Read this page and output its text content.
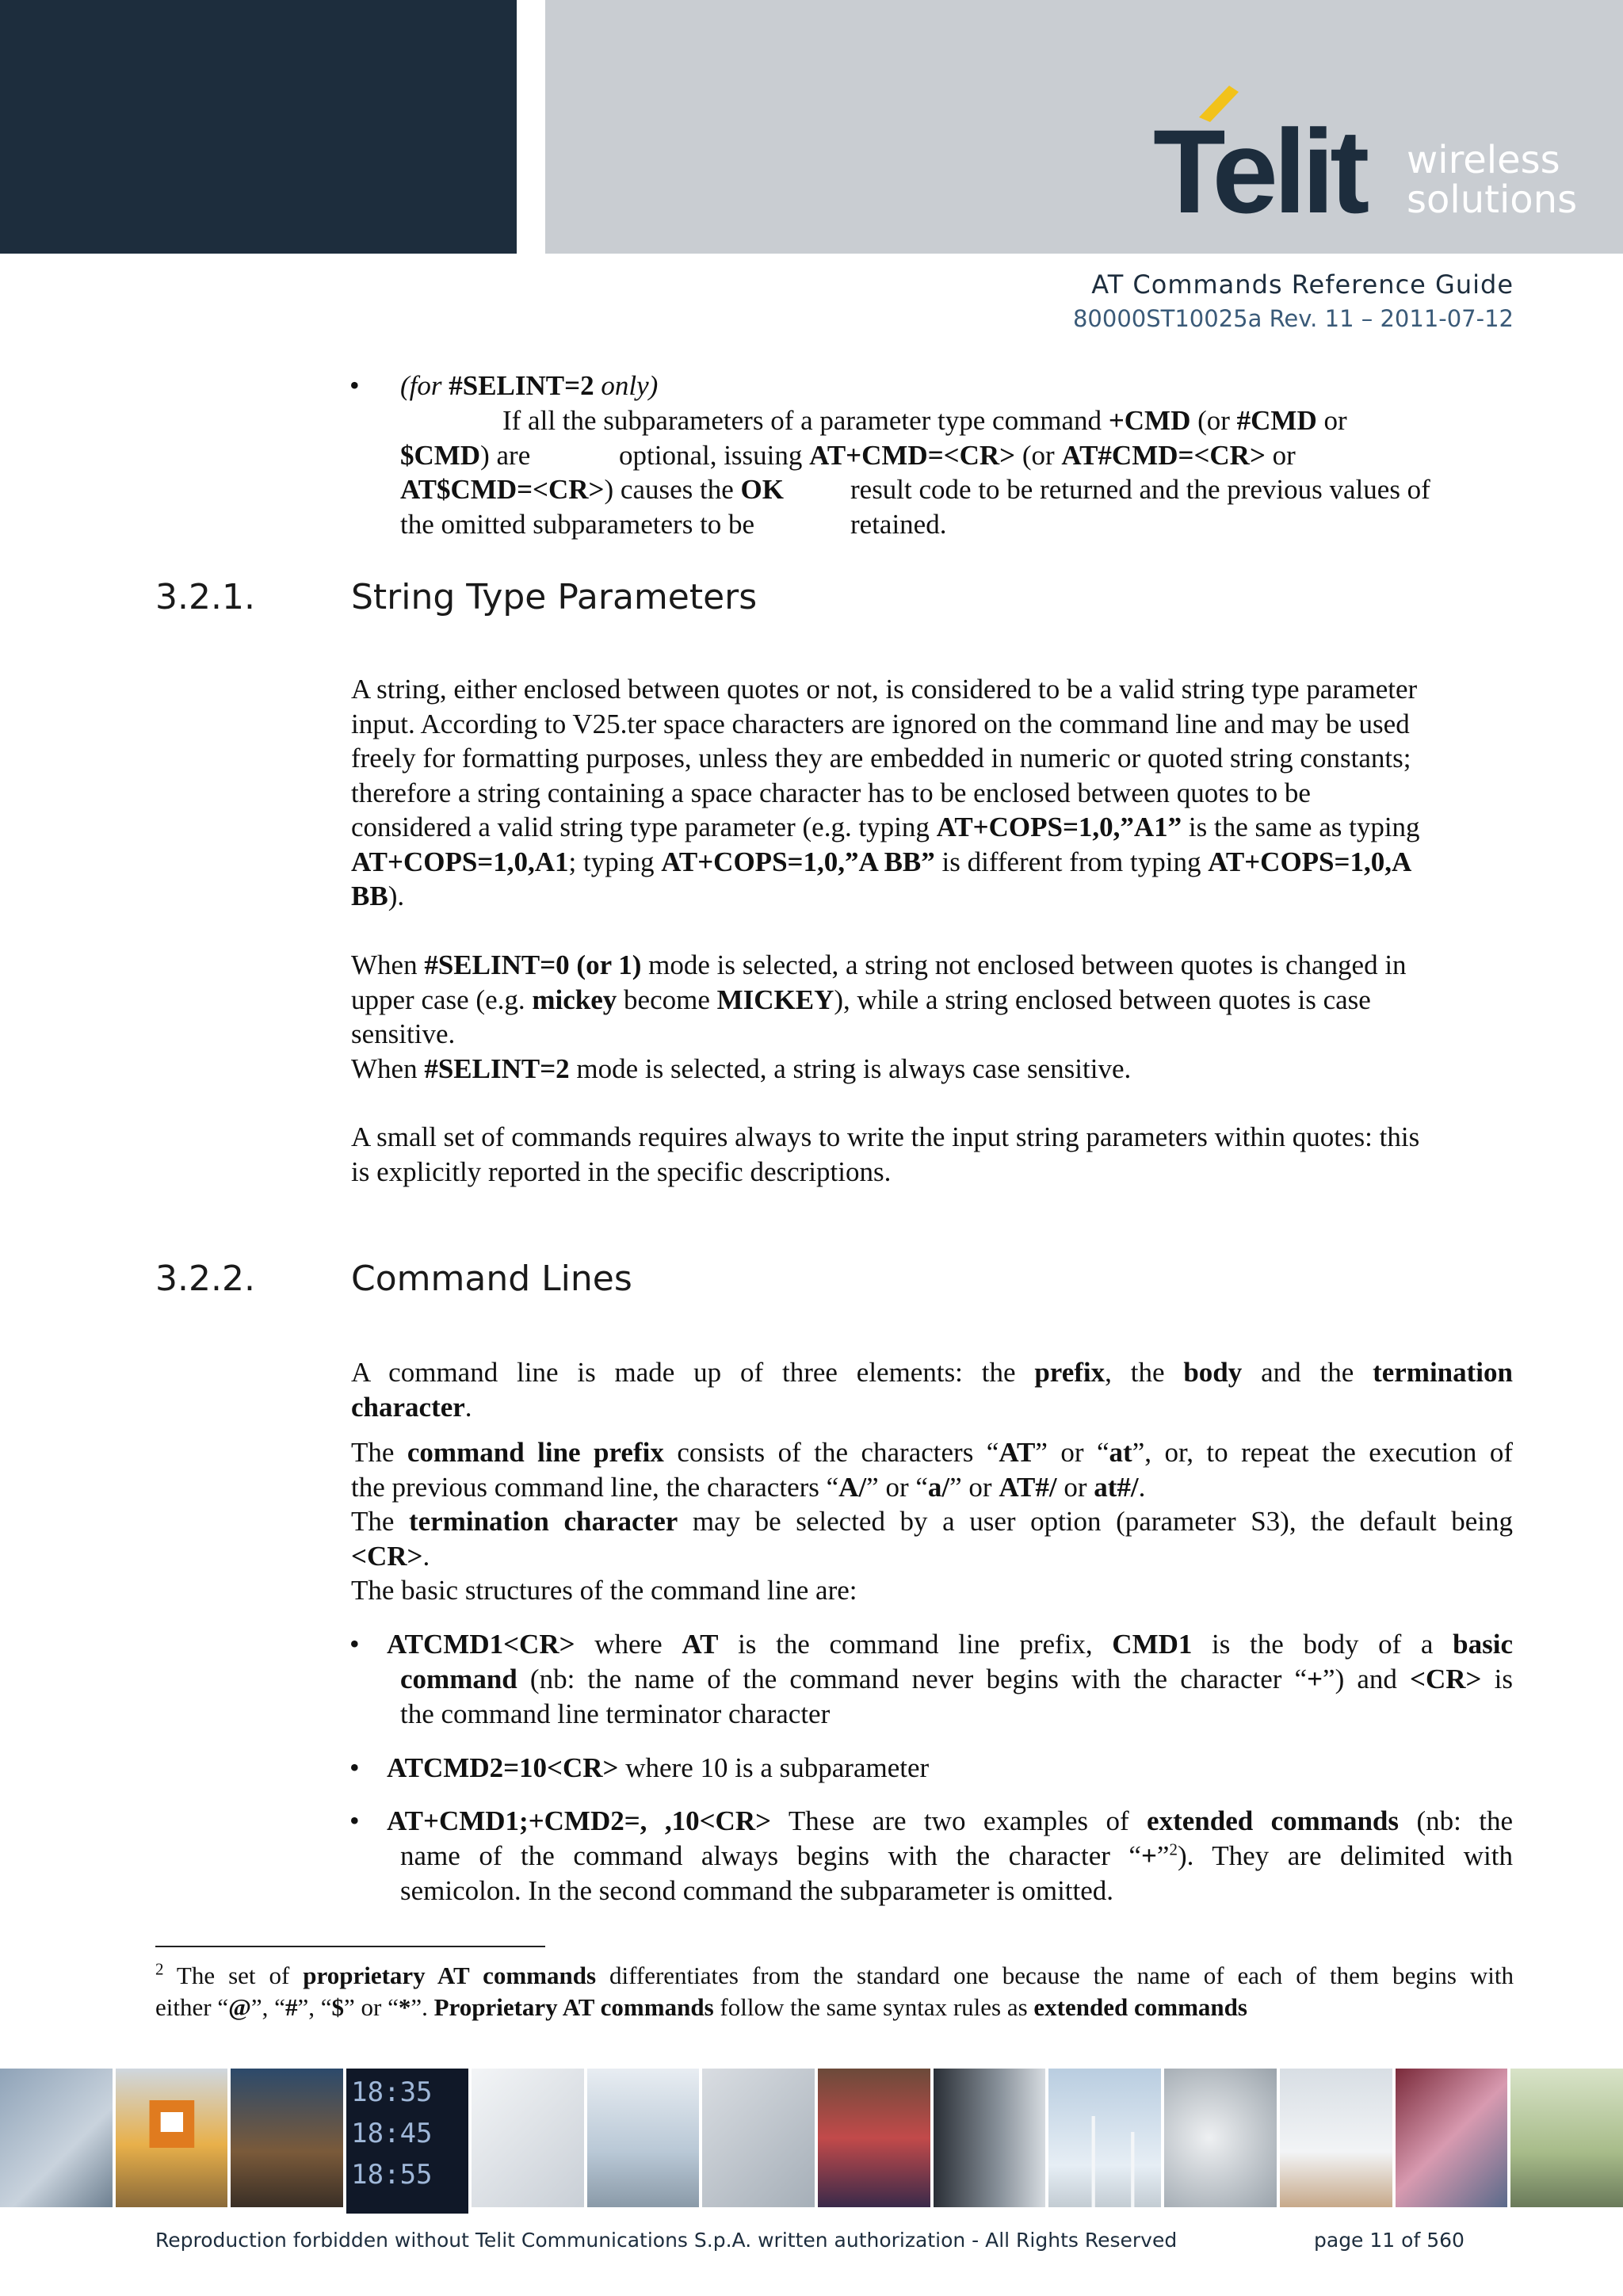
Telit wireless
solutions
AT Commands Reference Guide
80000ST10025a Rev. 11 – 2011-07-12
• (for #SELINT=2 only)
If all the subparameters of a parameter type command +CMD (or #CMD or
$CMD) are	optional, issuing AT+CMD=<CR> (or AT#CMD=<CR> or
AT$CMD=<CR>) causes the OK result code to be returned and the previous values of
the omitted subparameters to be	retained.
3.2.1.	String Type Parameters
A string, either enclosed between quotes or not, is considered to be a valid string type parameter
input. According to V25.ter space characters are ignored on the command line and may be used
freely for formatting purposes, unless they are embedded in numeric or quoted string constants;
therefore a string containing a space character has to be enclosed between quotes to be
considered a valid string type parameter (e.g. typing AT+COPS=1,0,”A1” is the same as typing
AT+COPS=1,0,A1; typing AT+COPS=1,0,”A BB” is different from typing AT+COPS=1,0,A
BB).
When #SELINT=0 (or 1) mode is selected, a string not enclosed between quotes is changed in
upper case (e.g. mickey become MICKEY), while a string enclosed between quotes is case
sensitive.
When #SELINT=2 mode is selected, a string is always case sensitive.
A small set of commands requires always to write the input string parameters within quotes: this
is explicitly reported in the specific descriptions.
3.2.2.	Command Lines
A command line is made up of three elements: the prefix, the body and the termination
character.
The command line prefix consists of the characters “AT” or “at”, or, to repeat the execution of
the previous command line, the characters “A/” or “a/” or AT#/ or at#/.
The termination character may be selected by a user option (parameter S3), the default being
<CR>.
The basic structures of the command line are:
• ATCMD1<CR> where AT is the command line prefix, CMD1 is the body of a basic
command (nb: the name of the command never begins with the character “+”) and <CR> is
the command line terminator character
• ATCMD2=10<CR> where 10 is a subparameter
• AT+CMD1;+CMD2=, ,10<CR> These are two examples of extended commands (nb: the
name of the command always begins with the character “+”$^2$). They are delimited with
semicolon. In the second command the subparameter is omitted.
$^2$ The set of proprietary AT commands differentiates from the standard one because the name of each of them begins with
either “@”, “#”, “$” or “*”. Proprietary AT commands follow the same syntax rules as extended commands
18:35 18:45 18:55
Reproduction forbidden without Telit Communications S.p.A. written authorization - All Rights Reserved	page 11 of 560
